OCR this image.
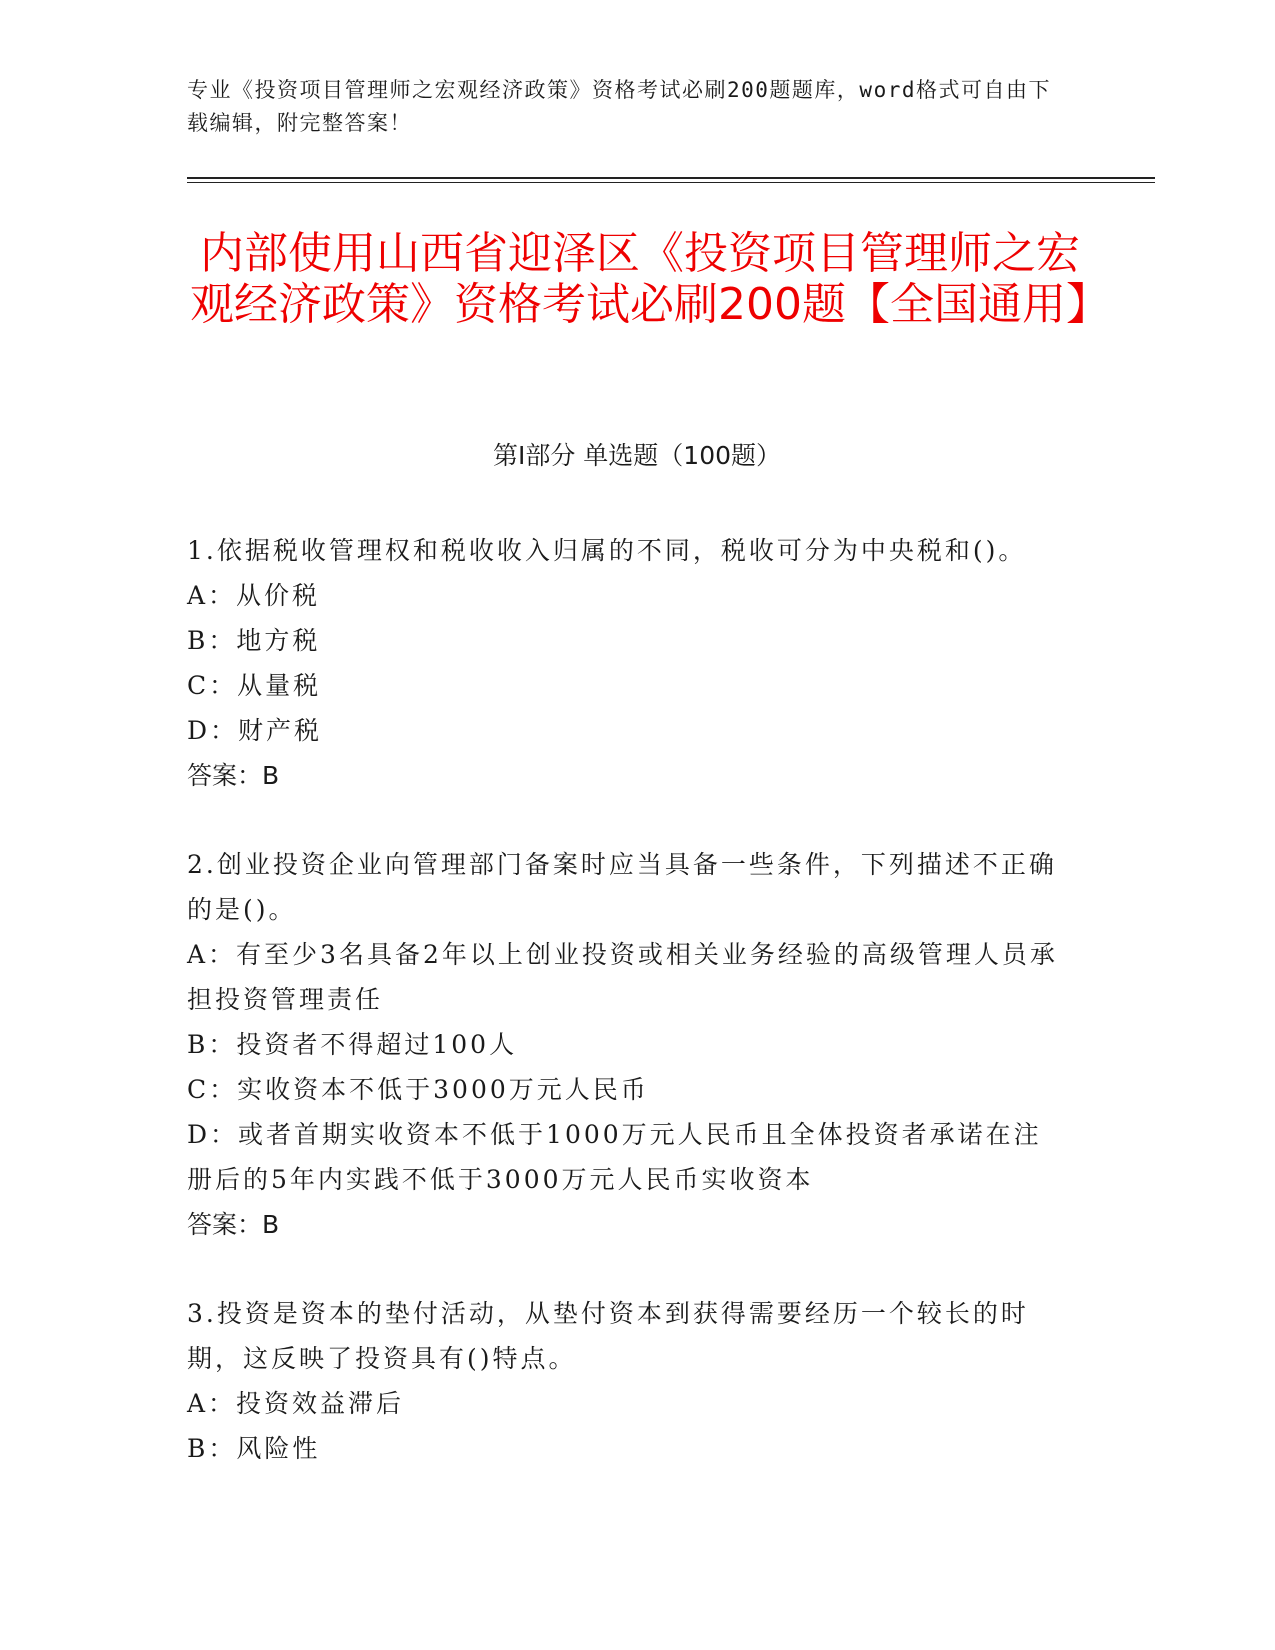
专业《投资项目管理师之宏观经济政策》资格考试必刷200题题库，word格式可自由下载编辑，附完整答案！
内部使用山西省迎泽区《投资项目管理师之宏观经济政策》资格考试必刷200题【全国通用】
第Ⅰ部分 单选题（100题）
1.依据税收管理权和税收收入归属的不同，税收可分为中央税和()。
A：从价税
B：地方税
C：从量税
D：财产税
答案：B
2.创业投资企业向管理部门备案时应当具备一些条件，下列描述不正确的是()。
A：有至少3名具备2年以上创业投资或相关业务经验的高级管理人员承担投资管理责任
B：投资者不得超过100人
C：实收资本不低于3000万元人民币
D：或者首期实收资本不低于1000万元人民币且全体投资者承诺在注册后的5年内实践不低于3000万元人民币实收资本
答案：B
3.投资是资本的垫付活动，从垫付资本到获得需要经历一个较长的时期，这反映了投资具有()特点。
A：投资效益滞后
B：风险性
